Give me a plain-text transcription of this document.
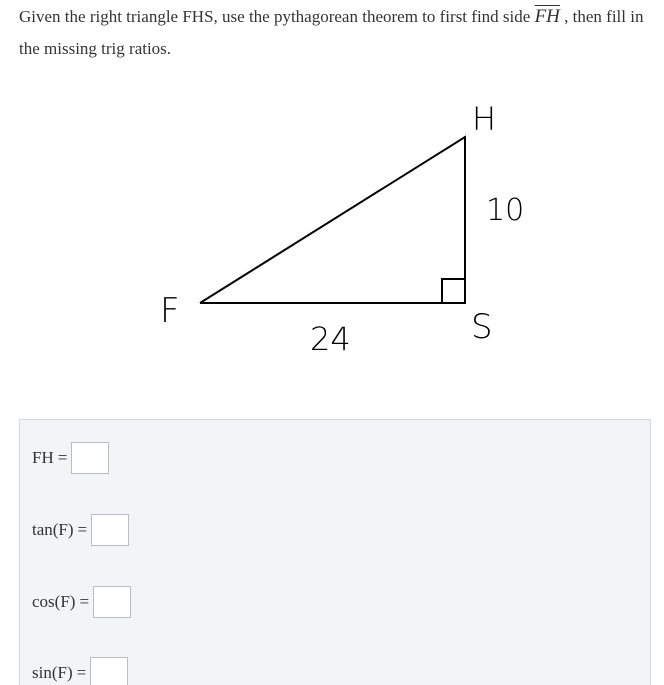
Given the right triangle FHS, use the pythagorean theorem to first find side $\overline{FH}$ , then fill in the missing trig ratios.

F
H
S
24
10
FH =
tan(F) =
cos(F) =
sin(F) =
